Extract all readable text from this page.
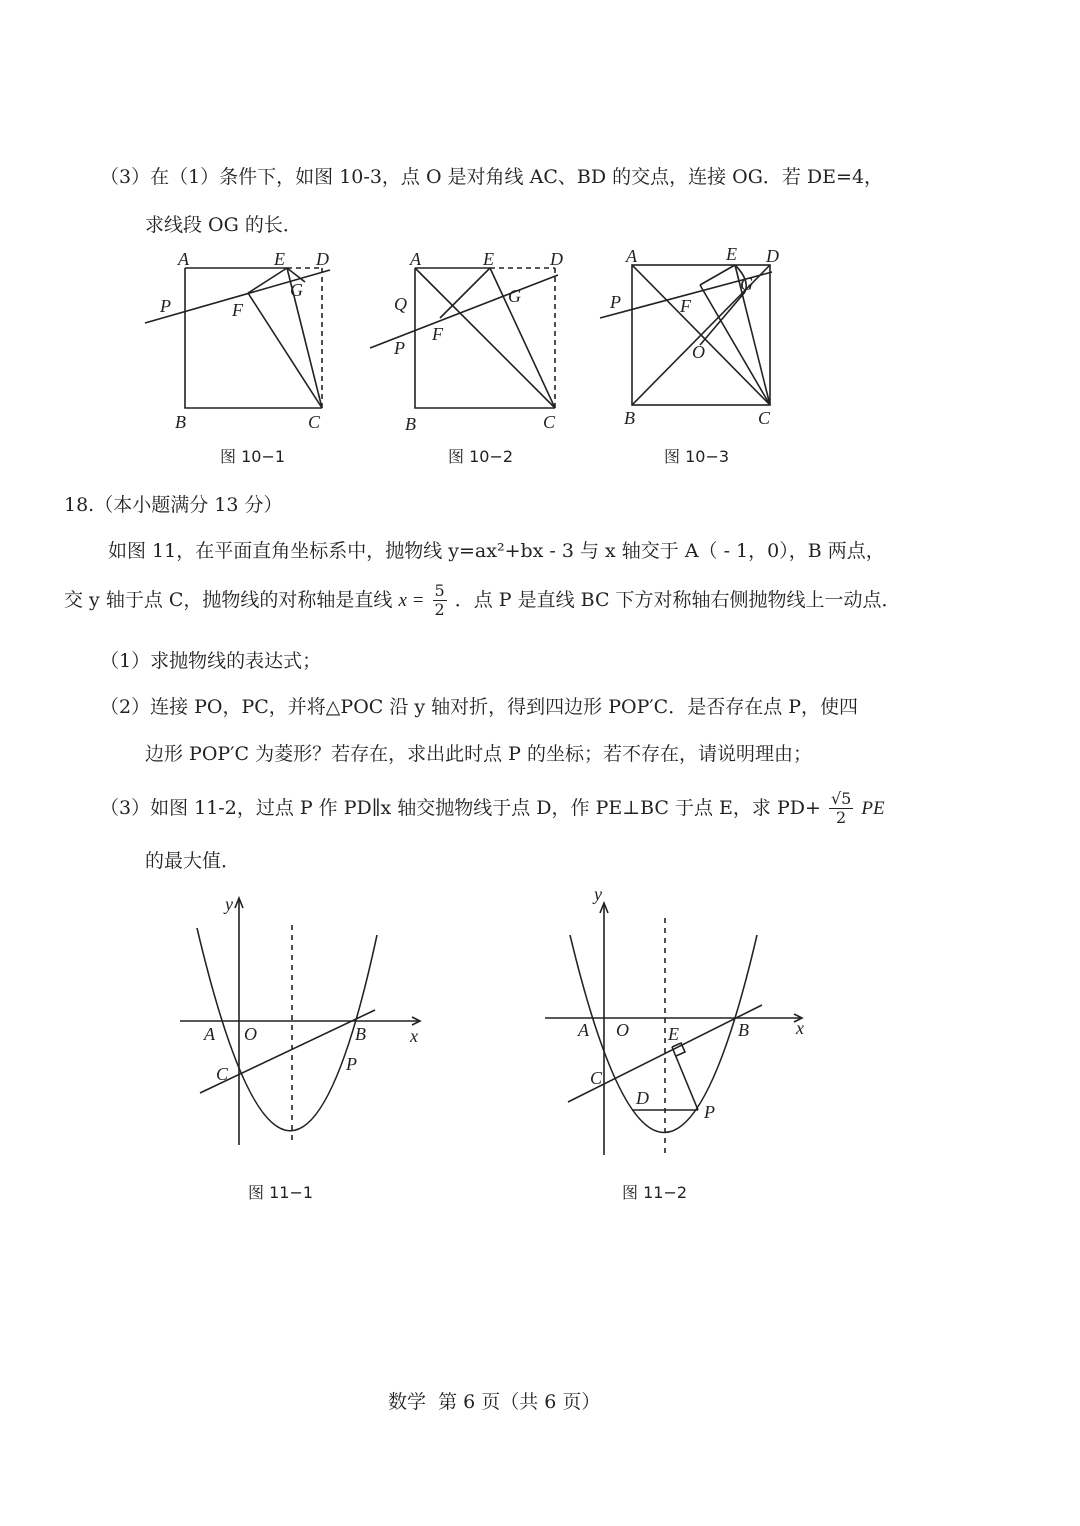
（3）在（1）条件下，如图 10-3，点 O 是对角线 AC、BD 的交点，连接 OG．若 DE=4，
求线段 OG 的长．
A	E D
P	F
G
B	C
A	E	D
Q
P
F
G
B	C
A	E D
P	F
G
O
B	C
图 10−1	图 10−2	图 10−3
18.（本小题满分 13 分）
如图 11，在平面直角坐标系中，抛物线 y=ax²+bx - 3 与 x 轴交于 A（ - 1，0），B 两点，
交 y 轴于点 C，抛物线的对称轴是直线 $x = \frac{5}{2}$ ．点 P 是直线 BC 下方对称轴右侧抛物线上一动点．
（1）求抛物线的表达式；
（2）连接 PO，PC，并将△POC 沿 y 轴对折，得到四边形 POP′C．是否存在点 P，使四
边形 POP′C 为菱形？若存在，求出此时点 P 的坐标；若不存在，请说明理由；
（3）如图 11-2，过点 P 作 PD∥x 轴交抛物线于点 D，作 PE⊥BC 于点 E，求 $PD+ \frac{√5}{2}$ PE
的最大值．
y
x
A O	B
C	P
y
x
A O	B
C
E
D
P
图 11−1	图 11−2
数学  第 6 页（共 6 页）
